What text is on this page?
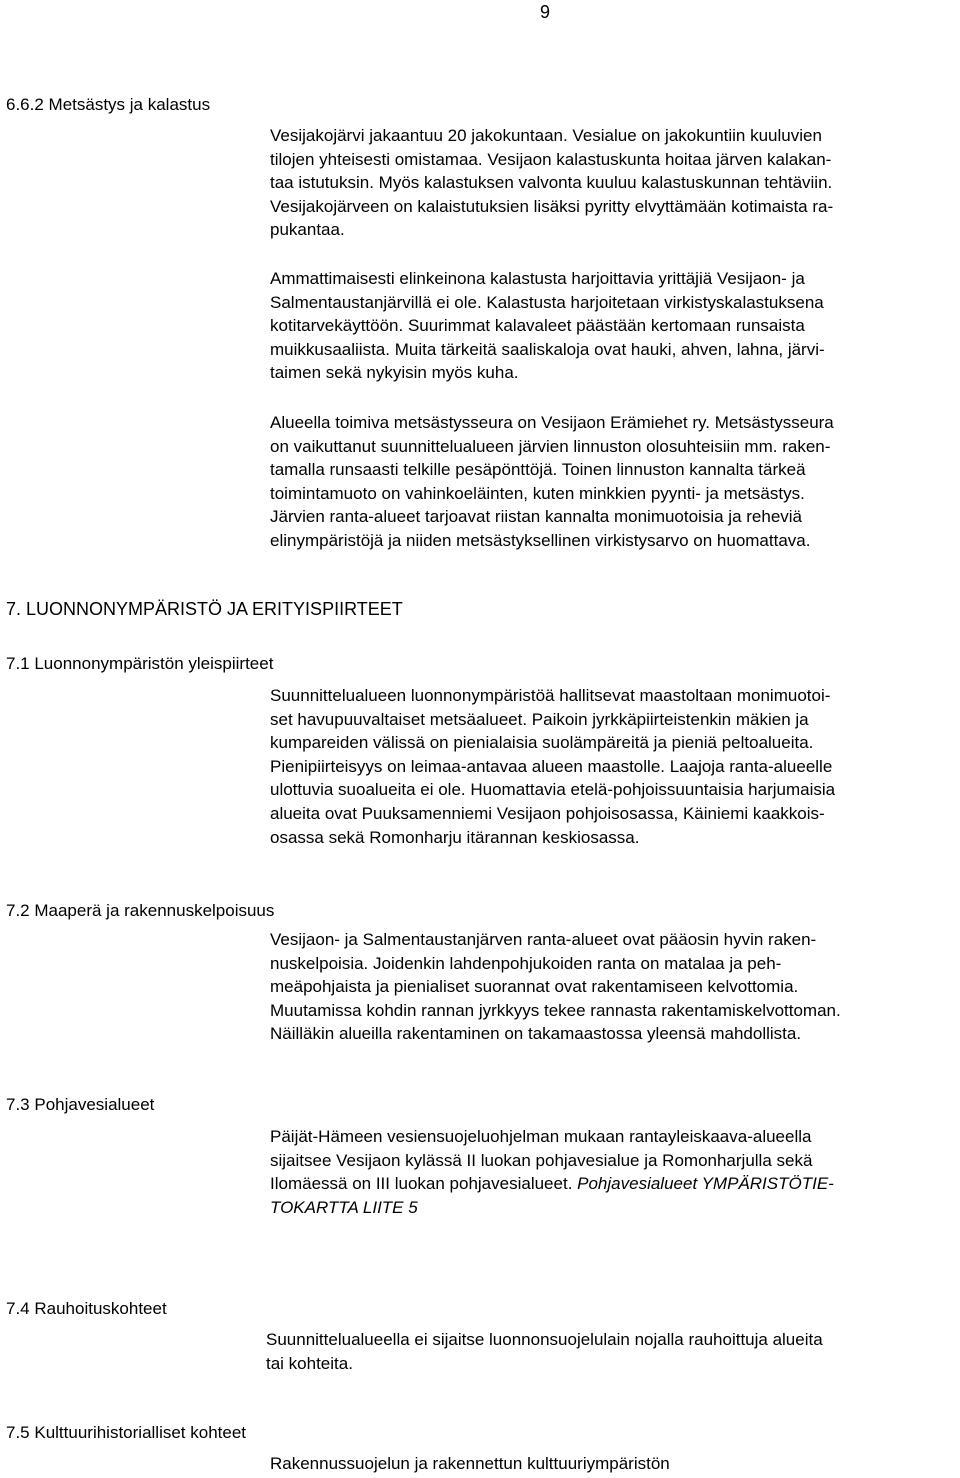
9
6.6.2 Metsästys ja kalastus
Vesijakojärvi jakaantuu 20 jakokuntaan. Vesialue on jakokuntiin kuuluvien
tilojen yhteisesti omistamaa. Vesijaon kalastuskunta hoitaa järven kalakan-
taa istutuksin. Myös kalastuksen valvonta kuuluu kalastuskunnan tehtäviin.
Vesijakojärveen on kalaistutuksien lisäksi pyritty elvyttämään kotimaista ra-
pukantaa.
Ammattimaisesti elinkeinona kalastusta harjoittavia yrittäjiä Vesijaon- ja
Salmentaustanjärvillä ei ole. Kalastusta harjoitetaan virkistyskalastuksena
kotitarvekäyttöön. Suurimmat kalavaleet päästään kertomaan runsaista
muikkusaaliista. Muita tärkeitä saaliskaloja ovat hauki, ahven, lahna, järvi-
taimen sekä nykyisin myös kuha.
Alueella toimiva metsästysseura on Vesijaon Erämiehet ry. Metsästysseura
on vaikuttanut suunnittelualueen järvien linnuston olosuhteisiin mm. raken-
tamalla runsaasti telkille pesäpönttöjä. Toinen linnuston kannalta tärkeä
toimintamuoto on vahinkoeläinten, kuten minkkien pyynti- ja metsästys.
Järvien ranta-alueet tarjoavat riistan kannalta monimuotoisia ja reheviä
elinympäristöjä ja niiden metsästyksellinen virkistysarvo on huomattava.
7. LUONNONYMPÄRISTÖ JA ERITYISPIIRTEET
7.1 Luonnonympäristön yleispiirteet
Suunnittelualueen luonnonympäristöä hallitsevat maastoltaan monimuotoi-
set havupuuvaltaiset metsäalueet. Paikoin jyrkkäpiirteistenkin mäkien ja
kumpareiden välissä on pienialaisia suolämpäreitä ja pieniä peltoalueita.
Pienipiirteisyys on leimaa-antavaa alueen maastolle. Laajoja ranta-alueelle
ulottuvia suoalueita ei ole. Huomattavia etelä-pohjoissuuntaisia harjumaisia
alueita ovat Puuksamenniemi Vesijaon pohjoisosassa, Käiniemi kaakkois-
osassa sekä Romonharju itärannan keskiosassa.
7.2 Maaperä ja rakennuskelpoisuus
Vesijaon- ja Salmentaustanjärven ranta-alueet ovat pääosin hyvin raken-
nuskelpoisia. Joidenkin lahdenpohjukoiden ranta on matalaa ja peh-
meäpohjaista ja pienialiset suorannat ovat rakentamiseen kelvottomia.
Muutamissa kohdin rannan jyrkkyys tekee rannasta rakentamiskelvottoman.
Näilläkin alueilla rakentaminen on takamaastossa yleensä mahdollista.
7.3 Pohjavesialueet
Päijät-Hämeen vesiensuojeluohjelman mukaan rantayleiskaava-alueella
sijaitsee Vesijaon kylässä II luokan pohjavesialue ja Romonharjulla sekä
Ilomäessä on III luokan pohjavesialueet. Pohjavesialueet YMPÄRISTÖTIE-
TOKARTTA LIITE 5
7.4 Rauhoituskohteet
Suunnittelualueella ei sijaitse luonnonsuojelulain nojalla rauhoittuja alueita
tai kohteita.
7.5 Kulttuurihistorialliset kohteet
Rakennussuojelun ja rakennettun kulttuuriympäristön
